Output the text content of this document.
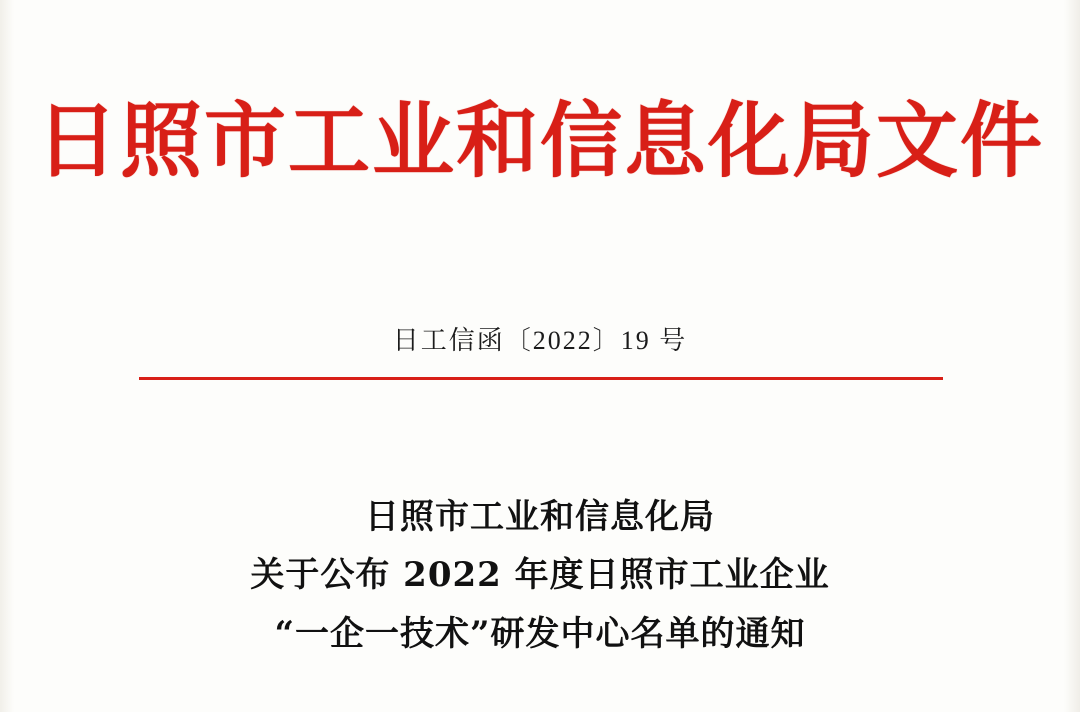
日照市工业和信息化局文件
日工信函〔2022〕19 号
日照市工业和信息化局
关于公布 2022 年度日照市工业企业
“一企一技术”研发中心名单的通知
